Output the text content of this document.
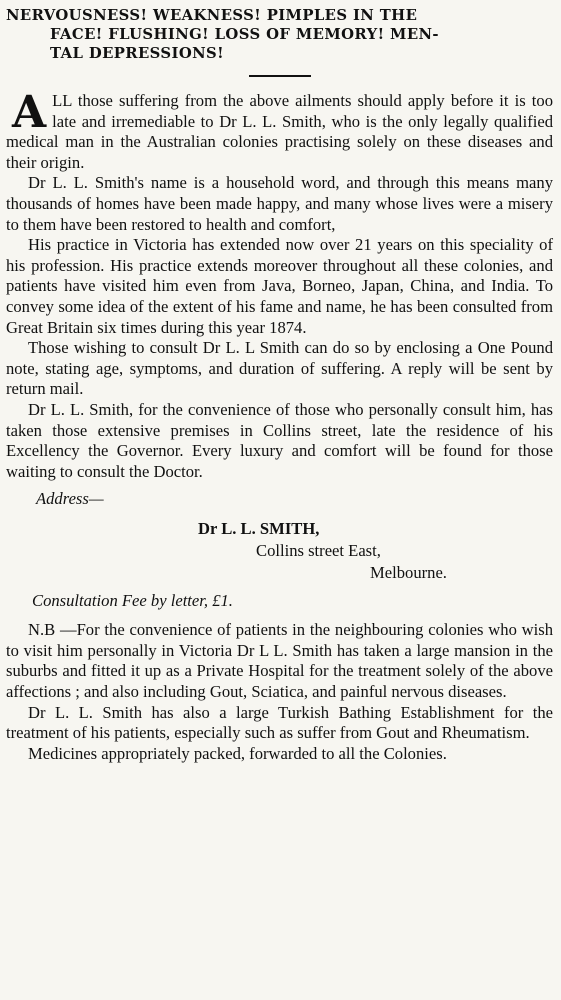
NERVOUSNESS! WEAKNESS! PIMPLES IN THE
FACE! FLUSHING! LOSS OF MEMORY! MEN-
TAL DEPRESSIONS!

ALL those suffering from the above ailments should apply before it is too late and irremediable to Dr L. L. Smith, who is the only legally qualified medical man in the Australian colonies practising solely on these diseases and their origin.

Dr L. L. Smith's name is a household word, and through this means many thousands of homes have been made happy, and many whose lives were a misery to them have been restored to health and comfort,

His practice in Victoria has extended now over 21 years on this speciality of his profession. His practice extends moreover throughout all these colonies, and patients have visited him even from Java, Borneo, Japan, China, and India. To convey some idea of the extent of his fame and name, he has been consulted from Great Britain six times during this year 1874.

Those wishing to consult Dr L. L Smith can do so by enclosing a One Pound note, stating age, symptoms, and duration of suffering. A reply will be sent by return mail.

Dr L. L. Smith, for the convenience of those who personally consult him, has taken those extensive premises in Collins street, late the residence of his Excellency the Governor. Every luxury and comfort will be found for those waiting to consult the Doctor.

Address—
Dr L. L. SMITH,
Collins street East,
Melbourne.
Consultation Fee by letter, £1.

N.B —For the convenience of patients in the neighbouring colonies who wish to visit him personally in Victoria Dr L L. Smith has taken a large mansion in the suburbs and fitted it up as a Private Hospital for the treatment solely of the above affections ; and also including Gout, Sciatica, and painful nervous diseases.

Dr L. L. Smith has also a large Turkish Bathing Establishment for the treatment of his patients, especially such as suffer from Gout and Rheumatism.

Medicines appropriately packed, forwarded to all the Colonies.
